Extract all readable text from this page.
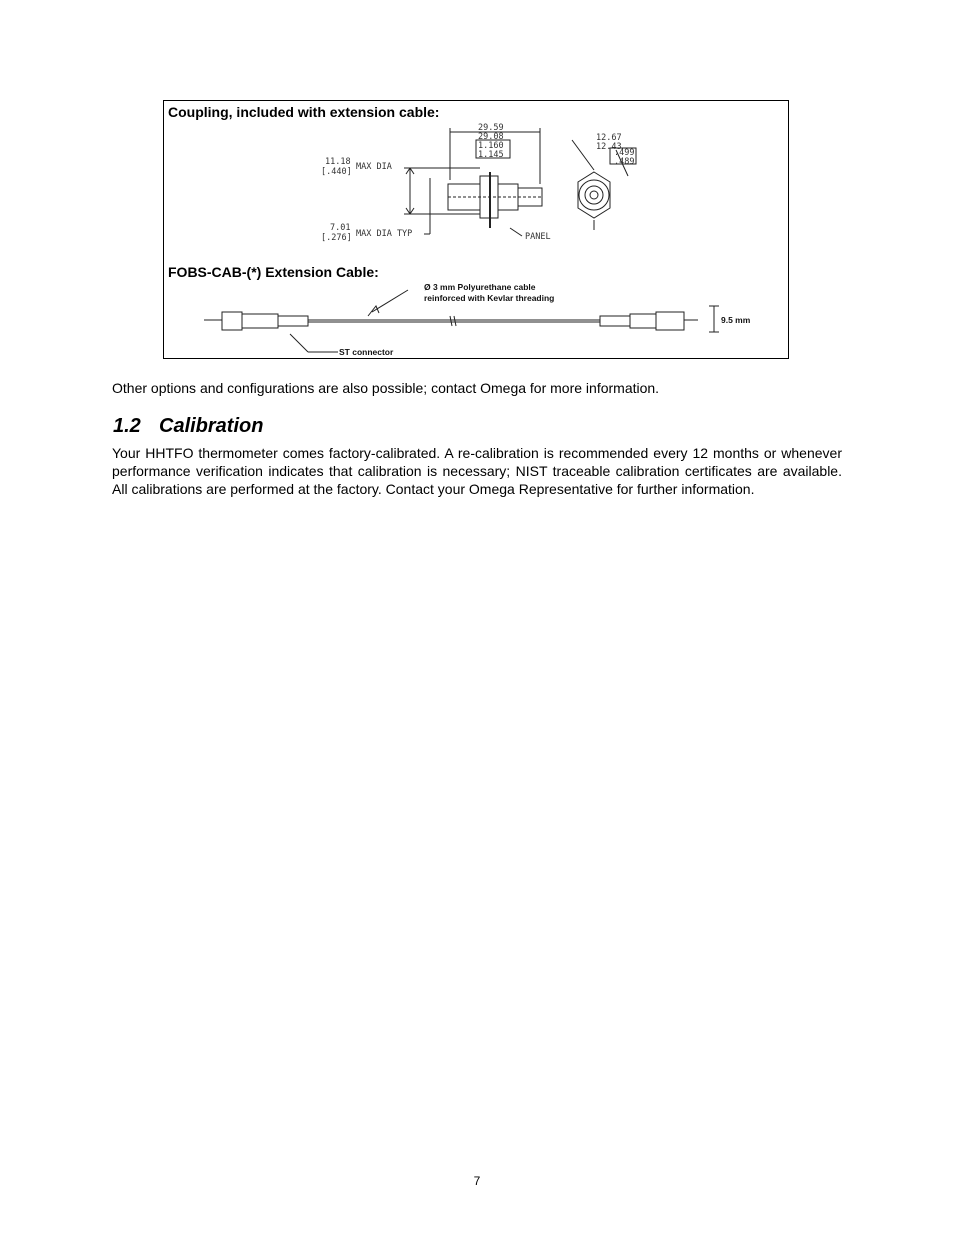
Coupling, included with extension cable:
FOBS-CAB-(*) Extension Cable:
11.18
[.440] MAX DIA
7.01
[.276] MAX DIA TYP
29.59
29.08
1.160
1.145
12.67
12.43
.499
.489
PANEL
Ø 3 mm Polyurethane cable
reinforced with Kevlar threading
ST connector
9.5 mm
Other options and configurations are also possible; contact Omega for more information.
1.2 Calibration
Your HHTFO thermometer comes factory-calibrated. A re-calibration is recommended every 12 months or whenever performance verification indicates that calibration is necessary; NIST traceable calibration certificates are available. All calibrations are performed at the factory. Contact your Omega Representative for further information.
7
